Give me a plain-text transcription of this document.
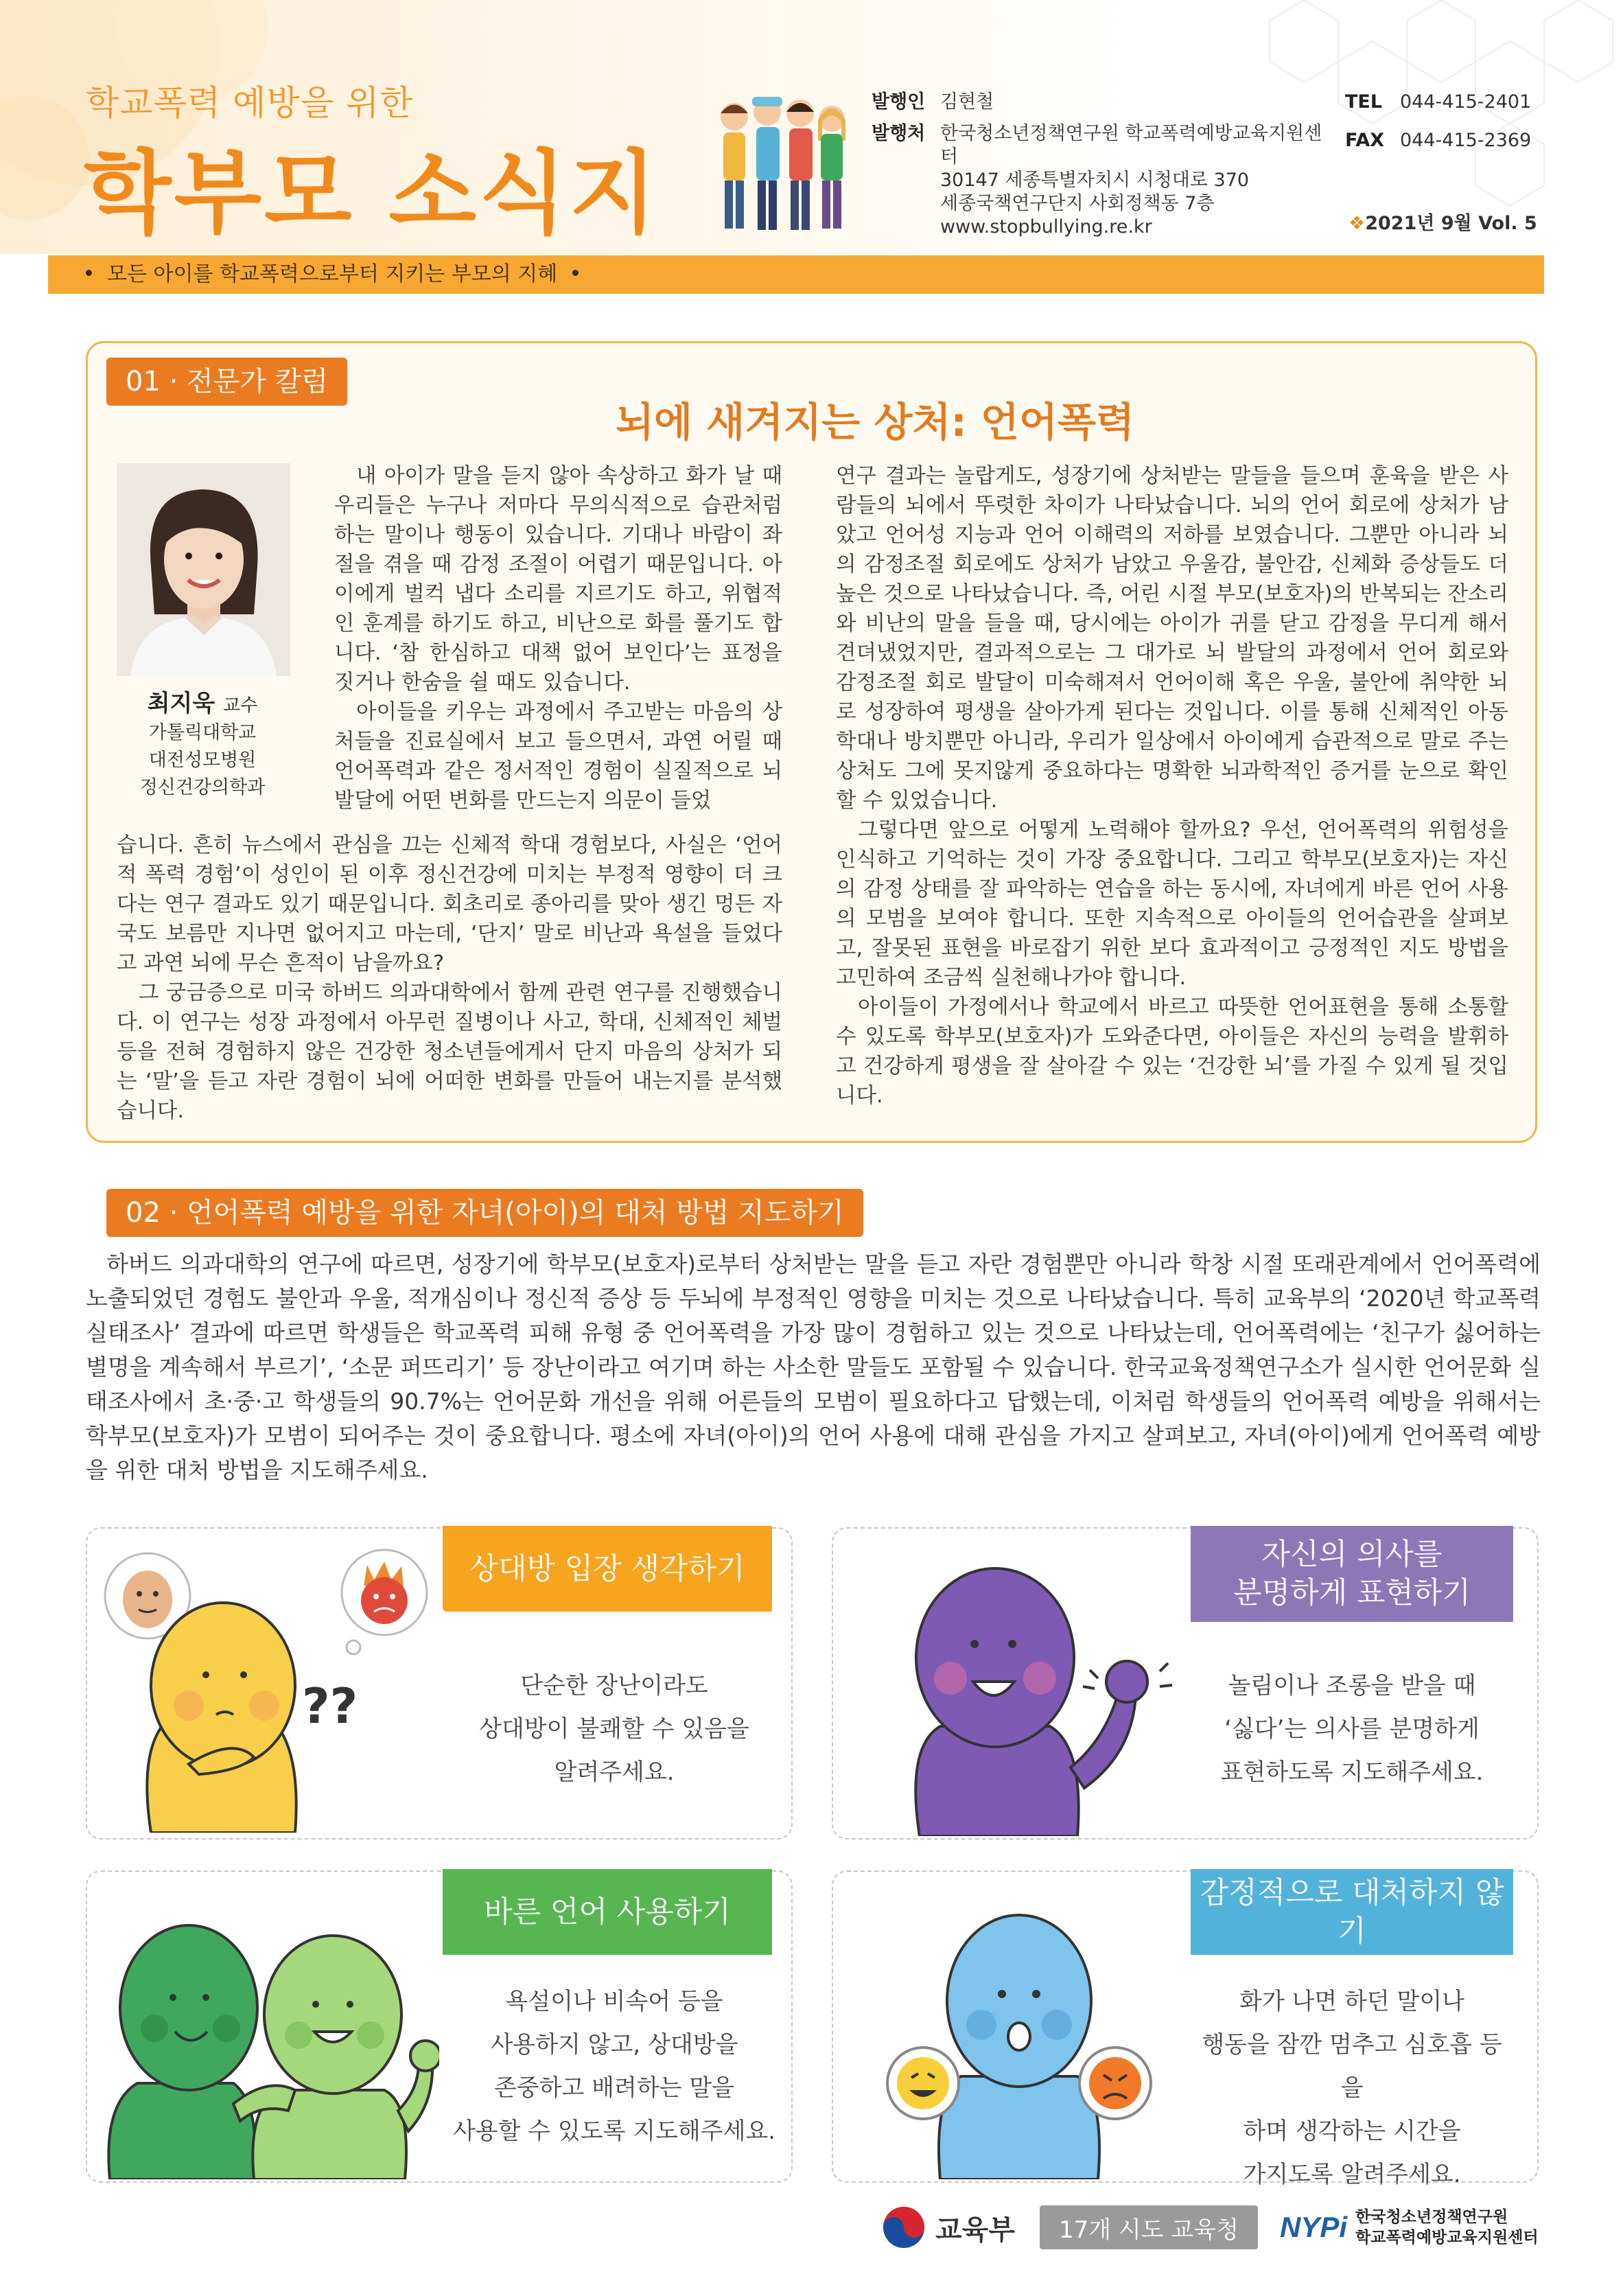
학교폭력 예방을 위한
학부모 소식지
발행인 김현철
발행처 한국청소년정책연구원 학교폭력예방교육지원센터
30147 세종특별자치시 시청대로 370
세종국책연구단지 사회정책동 7층
www.stopbullying.re.kr
TEL 044-415-2401
FAX 044-415-2369
❖2021년 9월 Vol. 5
모든 아이를 학교폭력으로부터 지키는 부모의 지혜
01 · 전문가 칼럼
뇌에 새겨지는 상처: 언어폭력
최지욱 교수
가톨릭대학교
대전성모병원
정신건강의학과

내 아이가 말을 듣지 않아 속상하고 화가 날 때 우리들은 누구나 저마다 무의식적으로 습관처럼 하는 말이나 행동이 있습니다. 기대나 바람이 좌절을 겪을 때 감정 조절이 어렵기 때문입니다. 아이에게 벌컥 냅다 소리를 지르기도 하고, 위협적인 훈계를 하기도 하고, 비난으로 화를 풀기도 합니다. ‘참 한심하고 대책 없어 보인다’는 표정을 짓거나 한숨을 쉴 때도 있습니다.

아이들을 키우는 과정에서 주고받는 마음의 상처들을 진료실에서 보고 들으면서, 과연 어릴 때 언어폭력과 같은 정서적인 경험이 실질적으로 뇌 발달에 어떤 변화를 만드는지 의문이 들었

습니다. 흔히 뉴스에서 관심을 끄는 신체적 학대 경험보다, 사실은 ‘언어적 폭력 경험’이 성인이 된 이후 정신건강에 미치는 부정적 영향이 더 크다는 연구 결과도 있기 때문입니다. 회초리로 종아리를 맞아 생긴 멍든 자국도 보름만 지나면 없어지고 마는데, ‘단지’ 말로 비난과 욕설을 들었다고 과연 뇌에 무슨 흔적이 남을까요?

그 궁금증으로 미국 하버드 의과대학에서 함께 관련 연구를 진행했습니다. 이 연구는 성장 과정에서 아무런 질병이나 사고, 학대, 신체적인 체벌 등을 전혀 경험하지 않은 건강한 청소년들에게서 단지 마음의 상처가 되는 ‘말’을 듣고 자란 경험이 뇌에 어떠한 변화를 만들어 내는지를 분석했습니다.

연구 결과는 놀랍게도, 성장기에 상처받는 말들을 들으며 훈육을 받은 사람들의 뇌에서 뚜렷한 차이가 나타났습니다. 뇌의 언어 회로에 상처가 남았고 언어성 지능과 언어 이해력의 저하를 보였습니다. 그뿐만 아니라 뇌의 감정조절 회로에도 상처가 남았고 우울감, 불안감, 신체화 증상들도 더 높은 것으로 나타났습니다. 즉, 어린 시절 부모(보호자)의 반복되는 잔소리와 비난의 말을 들을 때, 당시에는 아이가 귀를 닫고 감정을 무디게 해서 견뎌냈었지만, 결과적으로는 그 대가로 뇌 발달의 과정에서 언어 회로와 감정조절 회로 발달이 미숙해져서 언어이해 혹은 우울, 불안에 취약한 뇌로 성장하여 평생을 살아가게 된다는 것입니다. 이를 통해 신체적인 아동학대나 방치뿐만 아니라, 우리가 일상에서 아이에게 습관적으로 말로 주는 상처도 그에 못지않게 중요하다는 명확한 뇌과학적인 증거를 눈으로 확인할 수 있었습니다.

그렇다면 앞으로 어떻게 노력해야 할까요? 우선, 언어폭력의 위험성을 인식하고 기억하는 것이 가장 중요합니다. 그리고 학부모(보호자)는 자신의 감정 상태를 잘 파악하는 연습을 하는 동시에, 자녀에게 바른 언어 사용의 모범을 보여야 합니다. 또한 지속적으로 아이들의 언어습관을 살펴보고, 잘못된 표현을 바로잡기 위한 보다 효과적이고 긍정적인 지도 방법을 고민하여 조금씩 실천해나가야 합니다.

아이들이 가정에서나 학교에서 바르고 따뜻한 언어표현을 통해 소통할 수 있도록 학부모(보호자)가 도와준다면, 아이들은 자신의 능력을 발휘하고 건강하게 평생을 잘 살아갈 수 있는 ‘건강한 뇌’를 가질 수 있게 될 것입니다.

02 · 언어폭력 예방을 위한 자녀(아이)의 대처 방법 지도하기

하버드 의과대학의 연구에 따르면, 성장기에 학부모(보호자)로부터 상처받는 말을 듣고 자란 경험뿐만 아니라 학창 시절 또래관계에서 언어폭력에 노출되었던 경험도 불안과 우울, 적개심이나 정신적 증상 등 두뇌에 부정적인 영향을 미치는 것으로 나타났습니다. 특히 교육부의 ‘2020년 학교폭력 실태조사’ 결과에 따르면 학생들은 학교폭력 피해 유형 중 언어폭력을 가장 많이 경험하고 있는 것으로 나타났는데, 언어폭력에는 ‘친구가 싫어하는 별명을 계속해서 부르기’, ‘소문 퍼뜨리기’ 등 장난이라고 여기며 하는 사소한 말들도 포함될 수 있습니다. 한국교육정책연구소가 실시한 언어문화 실태조사에서 초·중·고 학생들의 90.7%는 언어문화 개선을 위해 어른들의 모범이 필요하다고 답했는데, 이처럼 학생들의 언어폭력 예방을 위해서는 학부모(보호자)가 모범이 되어주는 것이 중요합니다. 평소에 자녀(아이)의 언어 사용에 대해 관심을 가지고 살펴보고, 자녀(아이)에게 언어폭력 예방을 위한 대처 방법을 지도해주세요.

??
상대방 입장 생각하기
단순한 장난이라도
상대방이 불쾌할 수 있음을
알려주세요.
자신의 의사를
분명하게 표현하기
놀림이나 조롱을 받을 때
‘싫다’는 의사를 분명하게
표현하도록 지도해주세요.
바른 언어 사용하기
욕설이나 비속어 등을
사용하지 않고, 상대방을
존중하고 배려하는 말을
사용할 수 있도록 지도해주세요.
감정적으로 대처하지 않기
화가 나면 하던 말이나
행동을 잠깐 멈추고 심호흡 등을
하며 생각하는 시간을
가지도록 알려주세요.
교육부	17개 시도 교육청	NYPi 한국청소년정책연구원
학교폭력예방교육지원센터
